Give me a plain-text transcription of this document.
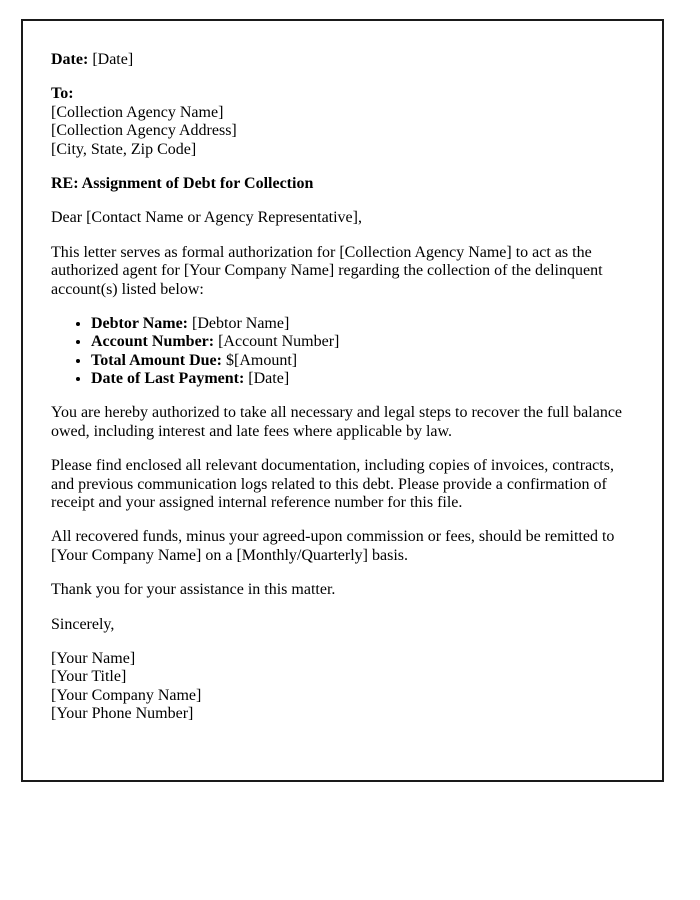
Date: [Date]

To:
[Collection Agency Name]
[Collection Agency Address]
[City, State, Zip Code]

RE: Assignment of Debt for Collection

Dear [Contact Name or Agency Representative],

This letter serves as formal authorization for [Collection Agency Name] to act as the authorized agent for [Your Company Name] regarding the collection of the delinquent account(s) listed below:

• Debtor Name: [Debtor Name]
• Account Number: [Account Number]
• Total Amount Due: $[Amount]
• Date of Last Payment: [Date]

You are hereby authorized to take all necessary and legal steps to recover the full balance owed, including interest and late fees where applicable by law.

Please find enclosed all relevant documentation, including copies of invoices, contracts, and previous communication logs related to this debt. Please provide a confirmation of receipt and your assigned internal reference number for this file.

All recovered funds, minus your agreed-upon commission or fees, should be remitted to [Your Company Name] on a [Monthly/Quarterly] basis.

Thank you for your assistance in this matter.

Sincerely,

[Your Name]
[Your Title]
[Your Company Name]
[Your Phone Number]
